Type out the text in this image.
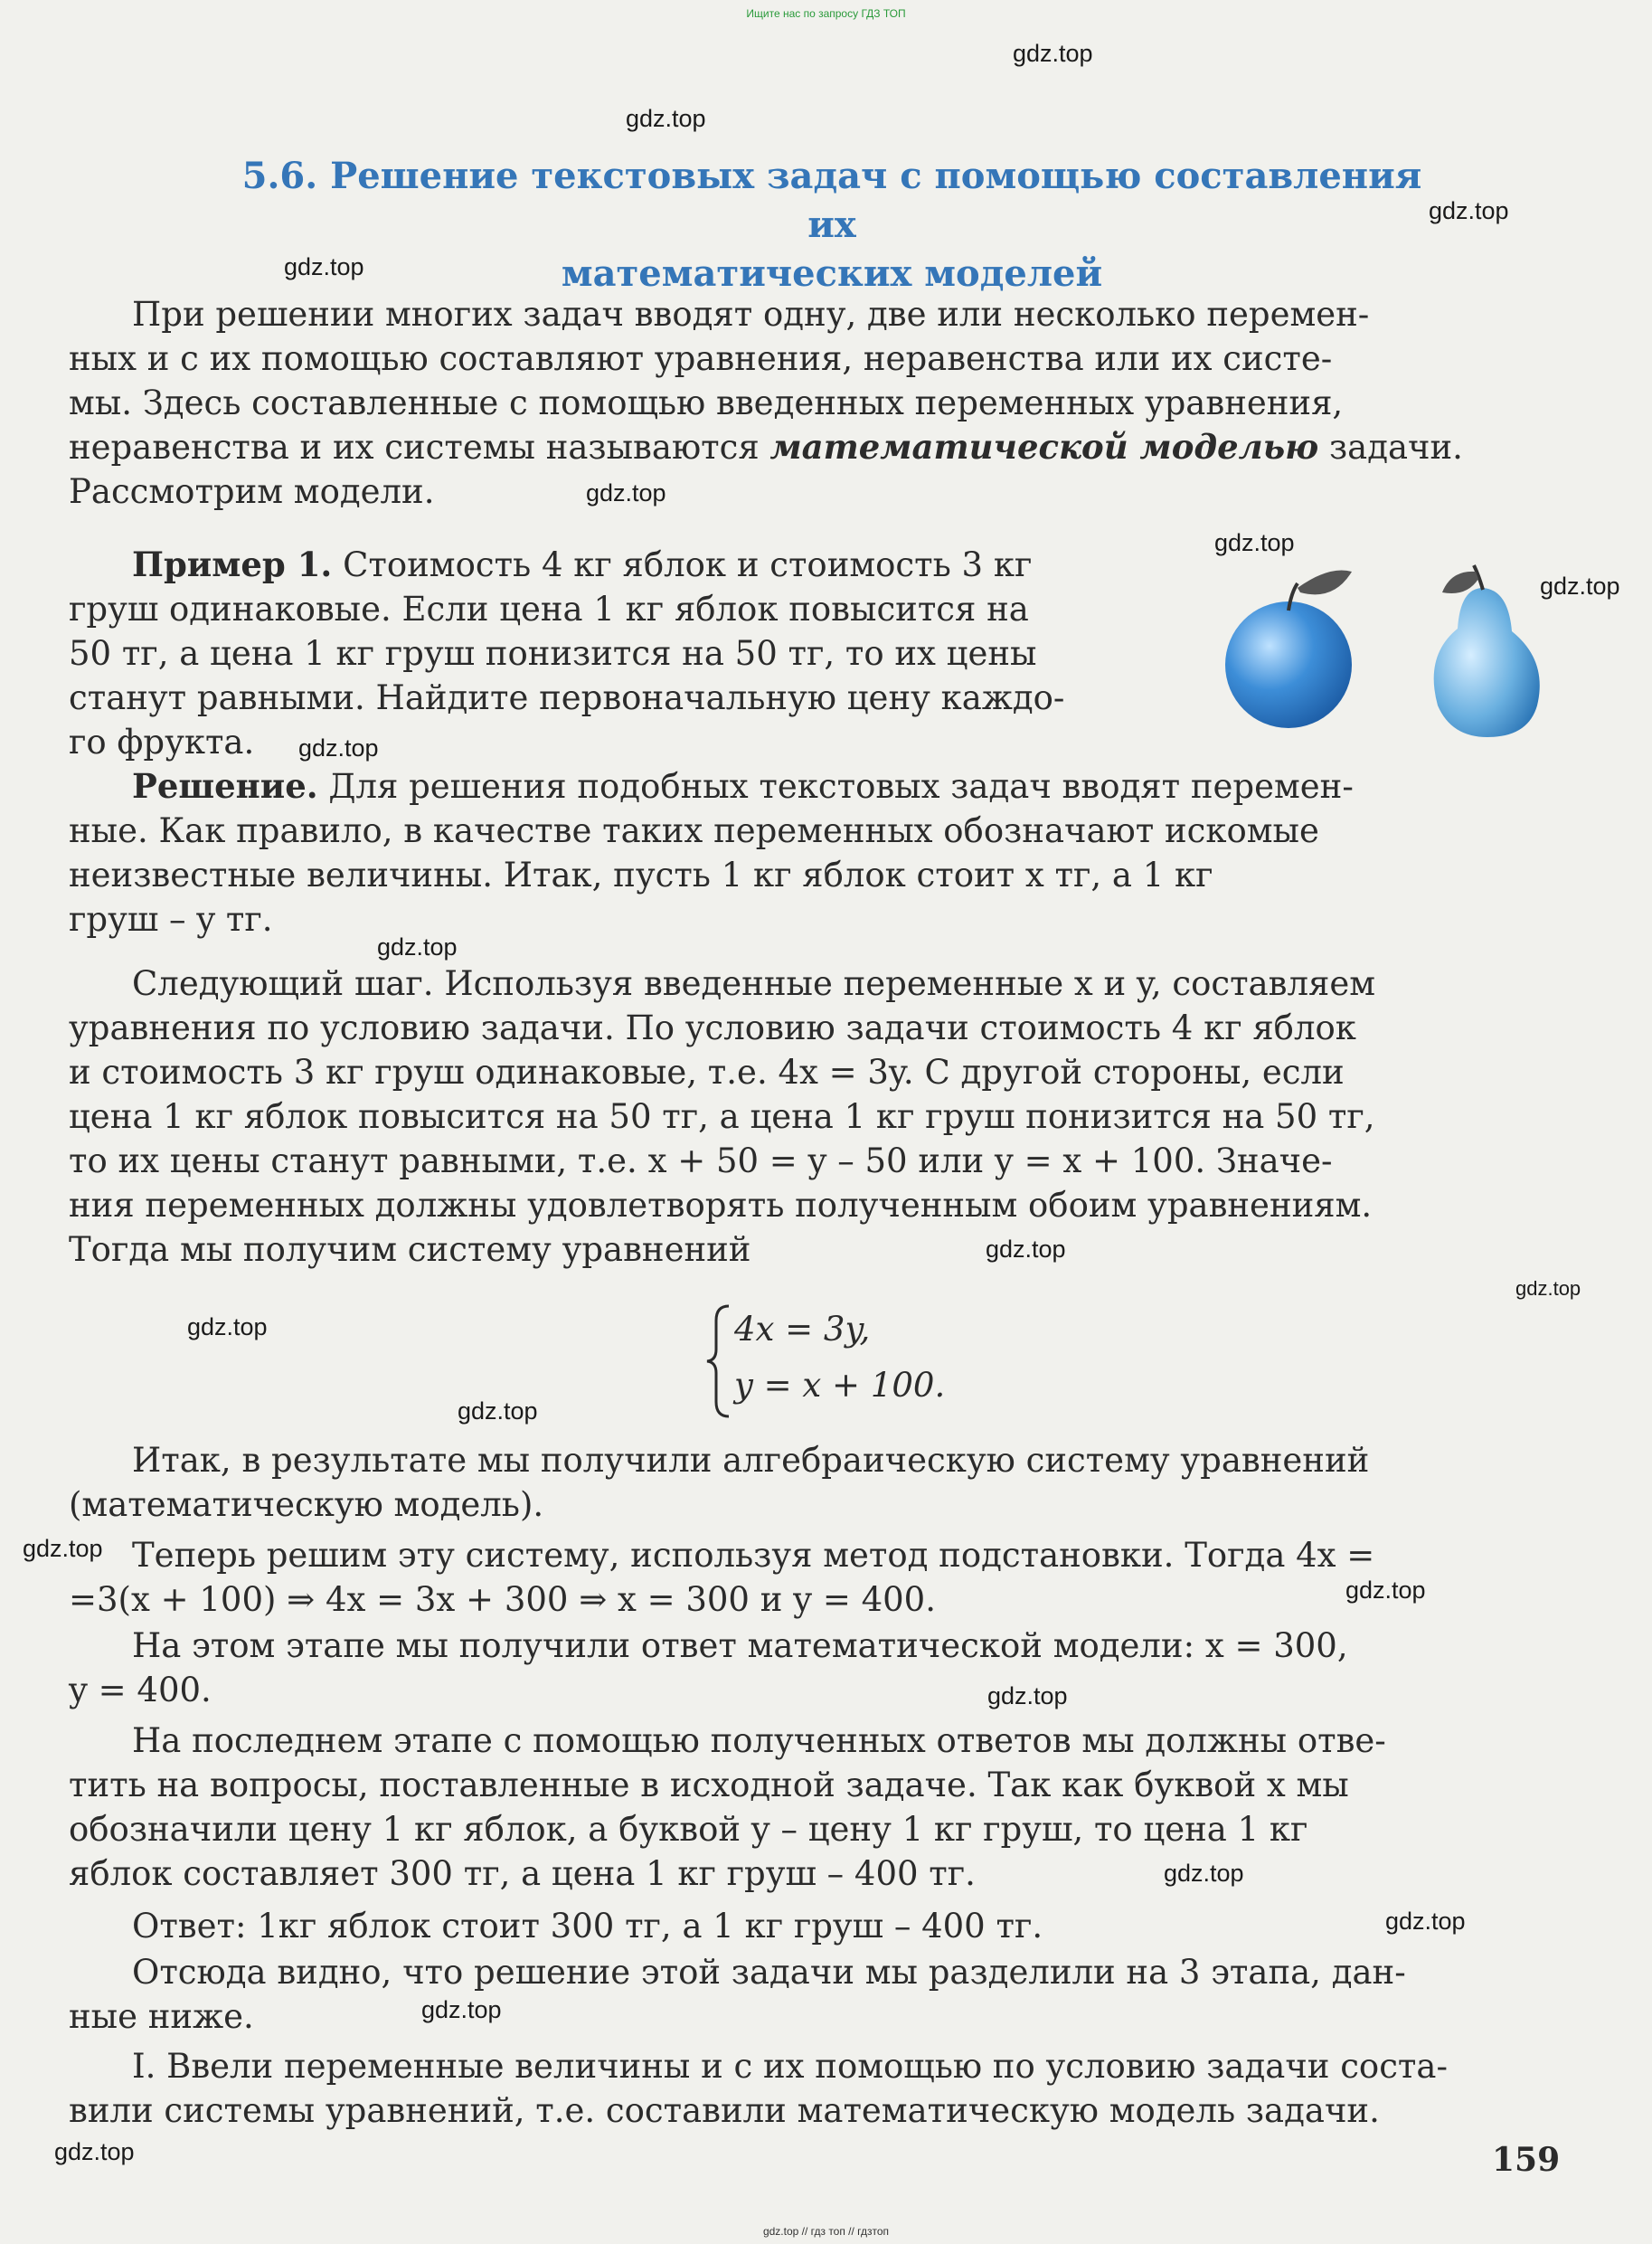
Ищите нас по запросу ГДЗ ТОП
5.6. Решение текстовых задач с помощью составления их
математических моделей
При решении многих задач вводят одну, две или несколько перемен-
ных и с их помощью составляют уравнения, неравенства или их систе-
мы. Здесь составленные с помощью введенных переменных уравнения,
неравенства и их системы называются математической моделью задачи.
Рассмотрим модели.
Пример 1. Стоимость 4 кг яблок и стоимость 3 кг
груш одинаковые. Если цена 1 кг яблок повысится на
50 тг, а цена 1 кг груш понизится на 50 тг, то их цены
станут равными. Найдите первоначальную цену каждо-
го фрукта.
Решение. Для решения подобных текстовых задач вводят перемен-
ные. Как правило, в качестве таких переменных обозначают искомые
неизвестные величины. Итак, пусть 1 кг яблок стоит x тг, а 1 кг
груш – y тг.
Следующий шаг. Используя введенные переменные x и y, составляем
уравнения по условию задачи. По условию задачи стоимость 4 кг яблок
и стоимость 3 кг груш одинаковые, т.е. 4x = 3y. С другой стороны, если
цена 1 кг яблок повысится на 50 тг, а цена 1 кг груш понизится на 50 тг,
то их цены станут равными, т.е. x + 50 = y – 50 или y = x + 100. Значе-
ния переменных должны удовлетворять полученным обоим уравнениям.
Тогда мы получим систему уравнений
4x = 3y,
y = x + 100.
Итак, в результате мы получили алгебраическую систему уравнений
(математическую модель).
Теперь решим эту систему, используя метод подстановки. Тогда 4x =
=3(x + 100) ⇒ 4x = 3x + 300 ⇒ x = 300 и y = 400.
На этом этапе мы получили ответ математической модели: x = 300,
y = 400.
На последнем этапе с помощью полученных ответов мы должны отве-
тить на вопросы, поставленные в исходной задаче. Так как буквой x мы
обозначили цену 1 кг яблок, а буквой y – цену 1 кг груш, то цена 1 кг
яблок составляет 300 тг, а цена 1 кг груш – 400 тг.
Ответ: 1кг яблок стоит 300 тг, а 1 кг груш – 400 тг.
Отсюда видно, что решение этой задачи мы разделили на 3 этапа, дан-
ные ниже.
I. Ввели переменные величины и с их помощью по условию задачи соста-
вили системы уравнений, т.е. составили математическую модель задачи.
159
gdz.top
gdz.top
gdz.top
gdz.top
gdz.top
gdz.top
gdz.top
gdz.top
gdz.top
gdz.top
gdz.top
gdz.top
gdz.top
gdz.top
gdz.top
gdz.top
gdz.top
gdz.top
gdz.top
gdz.top
gdz.top // гдз топ // гдзтоп
